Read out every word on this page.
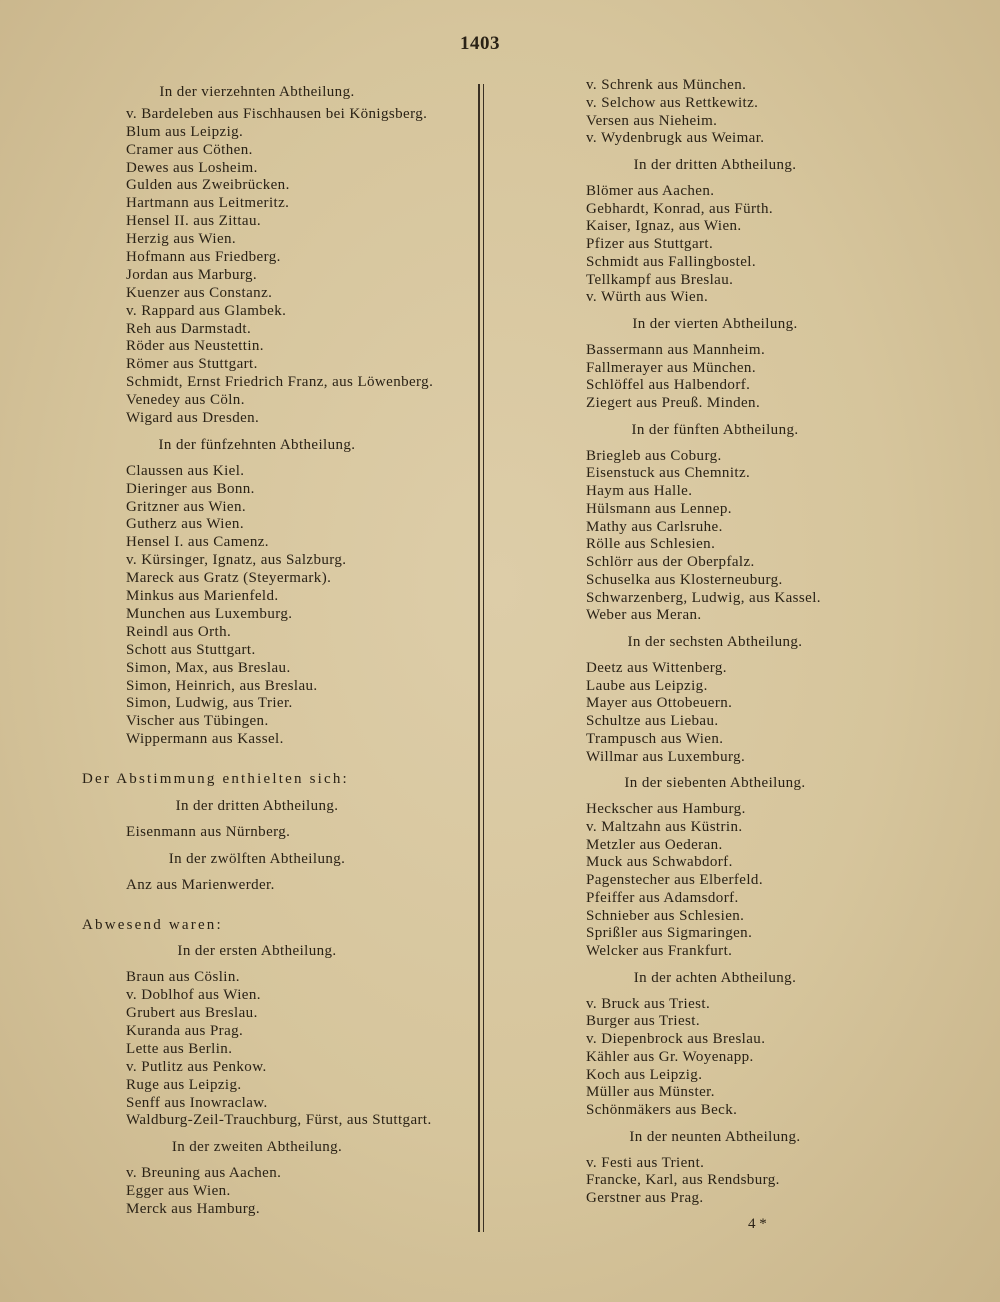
1403
In der vierzehnten Abtheilung.
v. Bardeleben aus Fischhausen bei Königsberg.
Blum aus Leipzig.
Cramer aus Cöthen.
Dewes aus Losheim.
Gulden aus Zweibrücken.
Hartmann aus Leitmeritz.
Hensel II. aus Zittau.
Herzig aus Wien.
Hofmann aus Friedberg.
Jordan aus Marburg.
Kuenzer aus Constanz.
v. Rappard aus Glambek.
Reh aus Darmstadt.
Röder aus Neustettin.
Römer aus Stuttgart.
Schmidt, Ernst Friedrich Franz, aus Löwenberg.
Venedey aus Cöln.
Wigard aus Dresden.
In der fünfzehnten Abtheilung.
Claussen aus Kiel.
Dieringer aus Bonn.
Gritzner aus Wien.
Gutherz aus Wien.
Hensel I. aus Camenz.
v. Kürsinger, Ignatz, aus Salzburg.
Mareck aus Gratz (Steyermark).
Minkus aus Marienfeld.
Munchen aus Luxemburg.
Reindl aus Orth.
Schott aus Stuttgart.
Simon, Max, aus Breslau.
Simon, Heinrich, aus Breslau.
Simon, Ludwig, aus Trier.
Vischer aus Tübingen.
Wippermann aus Kassel.
Der Abstimmung enthielten sich:
In der dritten Abtheilung.
Eisenmann aus Nürnberg.
In der zwölften Abtheilung.
Anz aus Marienwerder.
Abwesend waren:
In der ersten Abtheilung.
Braun aus Cöslin.
v. Doblhof aus Wien.
Grubert aus Breslau.
Kuranda aus Prag.
Lette aus Berlin.
v. Putlitz aus Penkow.
Ruge aus Leipzig.
Senff aus Inowraclaw.
Waldburg-Zeil-Trauchburg, Fürst, aus Stuttgart.
In der zweiten Abtheilung.
v. Breuning aus Aachen.
Egger aus Wien.
Merck aus Hamburg.
v. Schrenk aus München.
v. Selchow aus Rettkewitz.
Versen aus Nieheim.
v. Wydenbrugk aus Weimar.
In der dritten Abtheilung.
Blömer aus Aachen.
Gebhardt, Konrad, aus Fürth.
Kaiser, Ignaz, aus Wien.
Pfizer aus Stuttgart.
Schmidt aus Fallingbostel.
Tellkampf aus Breslau.
v. Würth aus Wien.
In der vierten Abtheilung.
Bassermann aus Mannheim.
Fallmerayer aus München.
Schlöffel aus Halbendorf.
Ziegert aus Preuß. Minden.
In der fünften Abtheilung.
Briegleb aus Coburg.
Eisenstuck aus Chemnitz.
Haym aus Halle.
Hülsmann aus Lennep.
Mathy aus Carlsruhe.
Rölle aus Schlesien.
Schlörr aus der Oberpfalz.
Schuselka aus Klosterneuburg.
Schwarzenberg, Ludwig, aus Kassel.
Weber aus Meran.
In der sechsten Abtheilung.
Deetz aus Wittenberg.
Laube aus Leipzig.
Mayer aus Ottobeuern.
Schultze aus Liebau.
Trampusch aus Wien.
Willmar aus Luxemburg.
In der siebenten Abtheilung.
Heckscher aus Hamburg.
v. Maltzahn aus Küstrin.
Metzler aus Oederan.
Muck aus Schwabdorf.
Pagenstecher aus Elberfeld.
Pfeiffer aus Adamsdorf.
Schnieber aus Schlesien.
Sprißler aus Sigmaringen.
Welcker aus Frankfurt.
In der achten Abtheilung.
v. Bruck aus Triest.
Burger aus Triest.
v. Diepenbrock aus Breslau.
Kähler aus Gr. Woyenapp.
Koch aus Leipzig.
Müller aus Münster.
Schönmäkers aus Beck.
In der neunten Abtheilung.
v. Festi aus Trient.
Francke, Karl, aus Rendsburg.
Gerstner aus Prag.
4 *
